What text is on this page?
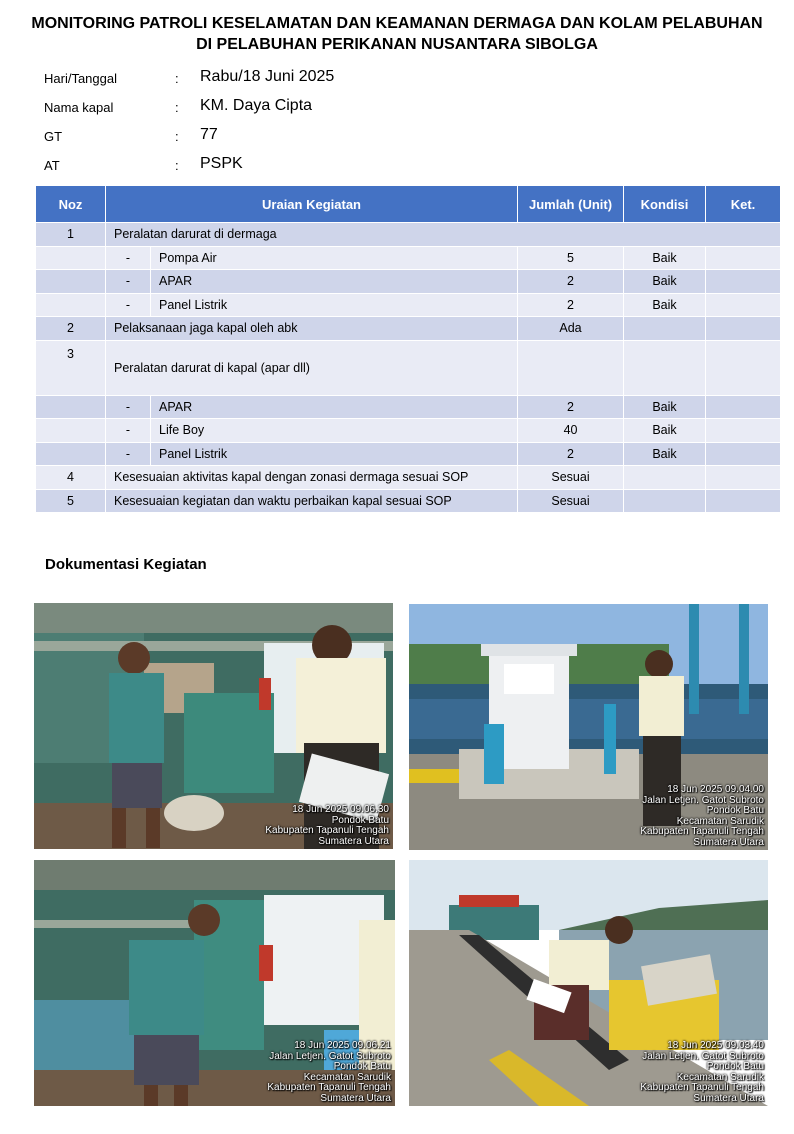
MONITORING PATROLI KESELAMATAN DAN KEAMANAN DERMAGA DAN KOLAM PELABUHAN
DI PELABUHAN PERIKANAN NUSANTARA SIBOLGA
Hari/Tanggal	: Rabu/18 Juni 2025
Nama kapal	: KM. Daya Cipta
GT	: 77
AT	: PSPK
Noz	Uraian Kegiatan		Jumlah (Unit)	Kondisi	Ket.
1	Peralatan darurat di dermaga				
	-	Pompa Air	5	Baik	
	-	APAR	2	Baik	
	-	Panel Listrik	2	Baik	
2	Pelaksanaan jaga kapal oleh abk		Ada		
3	Peralatan darurat di kapal (apar dll)				
	-	APAR	2	Baik	
	-	Life Boy	40	Baik	
	-	Panel Listrik	2	Baik	
4	Kesesuaian aktivitas kapal dengan zonasi dermaga sesuai SOP		Sesuai		
5	Kesesuaian kegiatan dan waktu perbaikan kapal sesuai SOP		Sesuai		
Dokumentasi Kegiatan
18 Jun 2025 09.06.30
Pondok Batu
Kabupaten Tapanuli Tengah
Sumatera Utara
18 Jun 2025 09.04.00
Jalan Letjen. Gatot Subroto
Pondok Batu
Kecamatan Sarudik
Kabupaten Tapanuli Tengah
Sumatera Utara
18 Jun 2025 09.06.21
Jalan Letjen. Gatot Subroto
Pondok Batu
Kecamatan Sarudik
Kabupaten Tapanuli Tengah
Sumatera Utara
18 Jun 2025 09.03.40
Jalan Letjen. Gatot Subroto
Pondok Batu
Kecamatan Sarudik
Kabupaten Tapanuli Tengah
Sumatera Utara
